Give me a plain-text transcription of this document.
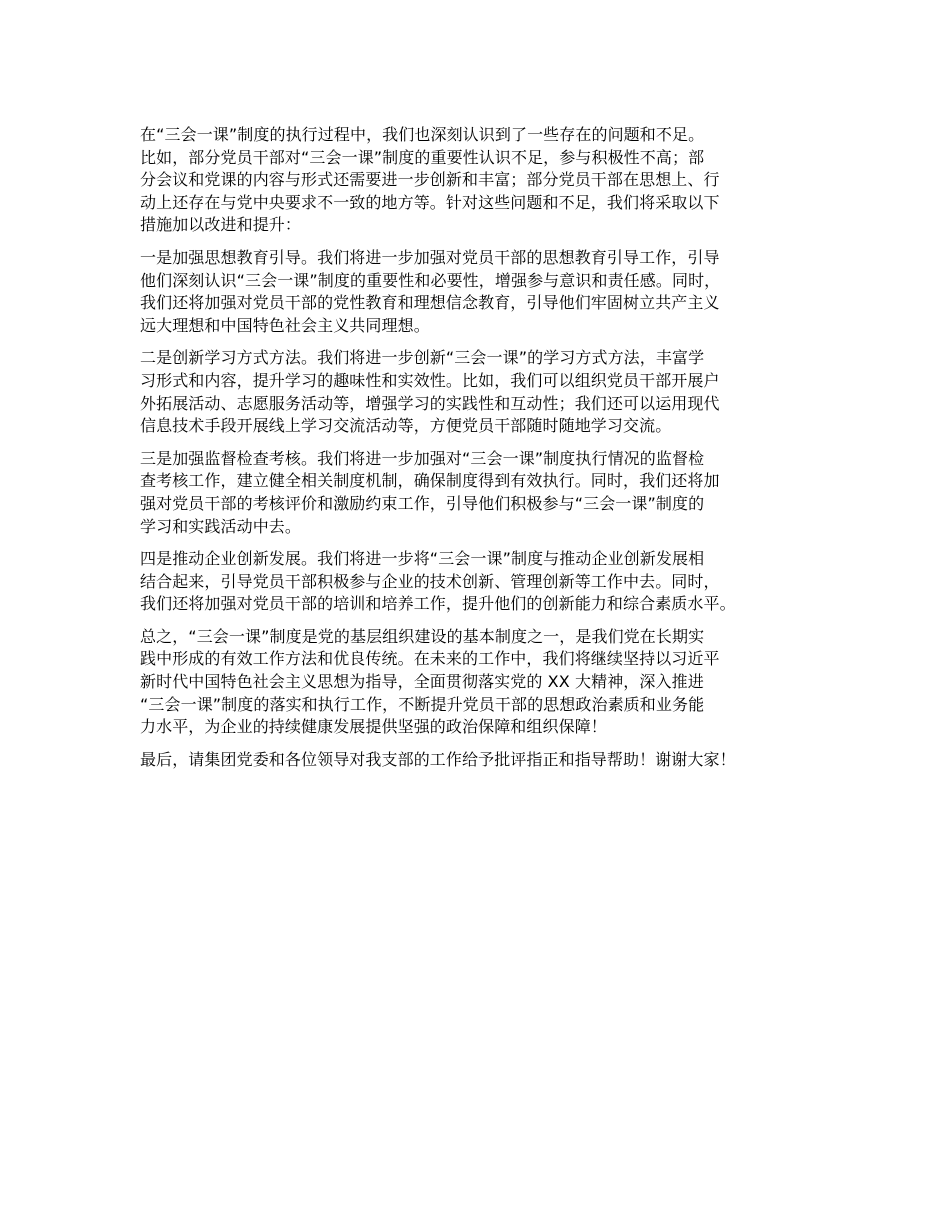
在“三会一课”制度的执行过程中，我们也深刻认识到了一些存在的问题和不足。
比如，部分党员干部对“三会一课”制度的重要性认识不足，参与积极性不高；部
分会议和党课的内容与形式还需要进一步创新和丰富；部分党员干部在思想上、行
动上还存在与党中央要求不一致的地方等。针对这些问题和不足，我们将采取以下
措施加以改进和提升：

一是加强思想教育引导。我们将进一步加强对党员干部的思想教育引导工作，引导
他们深刻认识“三会一课”制度的重要性和必要性，增强参与意识和责任感。同时，
我们还将加强对党员干部的党性教育和理想信念教育，引导他们牢固树立共产主义
远大理想和中国特色社会主义共同理想。

二是创新学习方式方法。我们将进一步创新“三会一课”的学习方式方法，丰富学
习形式和内容，提升学习的趣味性和实效性。比如，我们可以组织党员干部开展户
外拓展活动、志愿服务活动等，增强学习的实践性和互动性；我们还可以运用现代
信息技术手段开展线上学习交流活动等，方便党员干部随时随地学习交流。

三是加强监督检查考核。我们将进一步加强对“三会一课”制度执行情况的监督检
查考核工作，建立健全相关制度机制，确保制度得到有效执行。同时，我们还将加
强对党员干部的考核评价和激励约束工作，引导他们积极参与“三会一课”制度的
学习和实践活动中去。

四是推动企业创新发展。我们将进一步将“三会一课”制度与推动企业创新发展相
结合起来，引导党员干部积极参与企业的技术创新、管理创新等工作中去。同时，
我们还将加强对党员干部的培训和培养工作，提升他们的创新能力和综合素质水平。

总之，“三会一课”制度是党的基层组织建设的基本制度之一，是我们党在长期实
践中形成的有效工作方法和优良传统。在未来的工作中，我们将继续坚持以习近平
新时代中国特色社会主义思想为指导，全面贯彻落实党的 XX 大精神，深入推进
“三会一课”制度的落实和执行工作，不断提升党员干部的思想政治素质和业务能
力水平，为企业的持续健康发展提供坚强的政治保障和组织保障！

最后，请集团党委和各位领导对我支部的工作给予批评指正和指导帮助！谢谢大家！
